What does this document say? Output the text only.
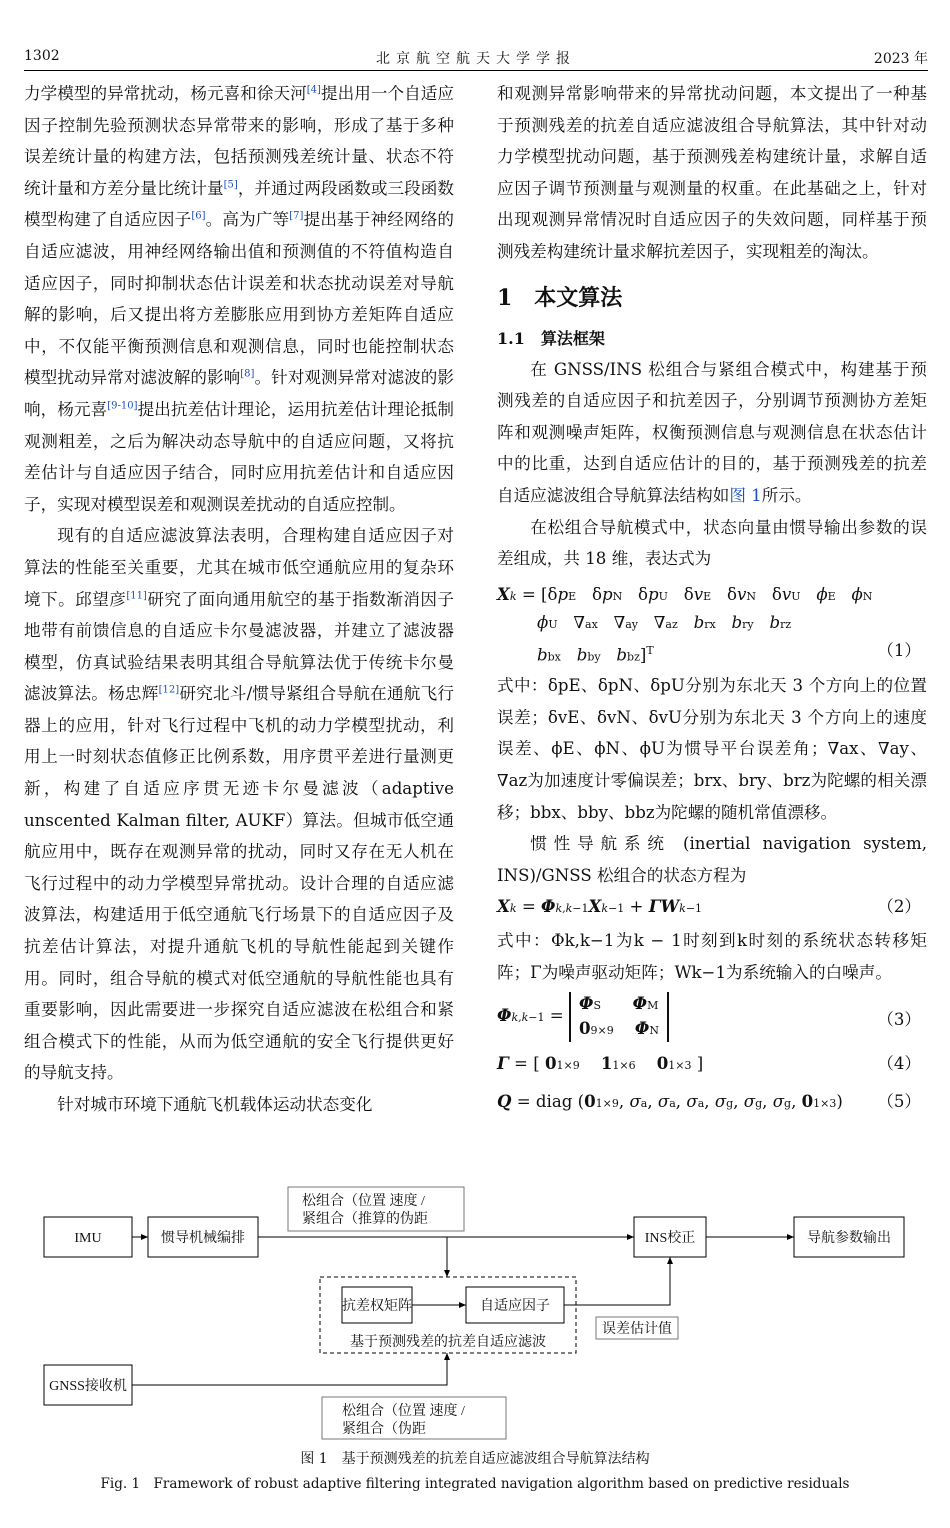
1302	北京航空航天大学学报	2023 年

力学模型的异常扰动，杨元喜和徐天河[4]提出用一个自适应因子控制先验预测状态异常带来的影响，形成了基于多种误差统计量的构建方法，包括预测残差统计量、状态不符统计量和方差分量比统计量[5]，并通过两段函数或三段函数模型构建了自适应因子[6]。高为广等[7]提出基于神经网络的自适应滤波，用神经网络输出值和预测值的不符值构造自适应因子，同时抑制状态估计误差和状态扰动误差对导航解的影响，后又提出将方差膨胀应用到协方差矩阵自适应中，不仅能平衡预测信息和观测信息，同时也能控制状态模型扰动异常对滤波解的影响[8]。针对观测异常对滤波的影响，杨元喜[9-10]提出抗差估计理论，运用抗差估计理论抵制观测粗差，之后为解决动态导航中的自适应问题，又将抗差估计与自适应因子结合，同时应用抗差估计和自适应因子，实现对模型误差和观测误差扰动的自适应控制。

现有的自适应滤波算法表明，合理构建自适应因子对算法的性能至关重要，尤其在城市低空通航应用的复杂环境下。邱望彦[11]研究了面向通用航空的基于指数渐消因子地带有前馈信息的自适应卡尔曼滤波器，并建立了滤波器模型，仿真试验结果表明其组合导航算法优于传统卡尔曼滤波算法。杨忠辉[12]研究北斗/惯导紧组合导航在通航飞行器上的应用，针对飞行过程中飞机的动力学模型扰动，利用上一时刻状态值修正比例系数，用序贯平差进行量测更新，构建了自适应序贯无迹卡尔曼滤波（adaptive unscented Kalman filter, AUKF）算法。但城市低空通航应用中，既存在观测异常的扰动，同时又存在无人机在飞行过程中的动力学模型异常扰动。设计合理的自适应滤波算法，构建适用于低空通航飞行场景下的自适应因子及抗差估计算法，对提升通航飞机的导航性能起到关键作用。同时，组合导航的模式对低空通航的导航性能也具有重要影响，因此需要进一步探究自适应滤波在松组合和紧组合模式下的性能，从而为低空通航的安全飞行提供更好的导航支持。

针对城市环境下通航飞机载体运动状态变化

和观测异常影响带来的异常扰动问题，本文提出了一种基于预测残差的抗差自适应滤波组合导航算法，其中针对动力学模型扰动问题，基于预测残差构建统计量，求解自适应因子调节预测量与观测量的权重。在此基础之上，针对出现观测异常情况时自适应因子的失效问题，同样基于预测残差构建统计量求解抗差因子，实现粗差的淘汰。

1　本文算法
1.1　算法框架

在 GNSS/INS 松组合与紧组合模式中，构建基于预测残差的自适应因子和抗差因子，分别调节预测协方差矩阵和观测噪声矩阵，权衡预测信息与观测信息在状态估计中的比重，达到自适应估计的目的，基于预测残差的抗差自适应滤波组合导航算法结构如图 1所示。

在松组合导航模式中，状态向量由惯导输出参数的误差组成，共 18 维，表达式为

Xk = [δpE   δpN   δpU   δvE   δvN   δvU ϕE ϕN
ϕU   ∇ax   ∇ay   ∇az brx bry brz
bbx bby bbz]$^T$	（1）

式中：δpE、δpN、δpU分别为东北天 3 个方向上的位置误差；δvE、δvN、δvU分别为东北天 3 个方向上的速度误差、ϕE、ϕN、ϕU为惯导平台误差角；∇ax、∇ay、∇az为加速度计零偏误差；brx、bry、brz为陀螺的相关漂移；bbx、bby、bbz为陀螺的随机常值漂移。

惯性导航系统 (inertial navigation system, INS)/GNSS 松组合的状态方程为

Xk = Φk,k−1Xk−1 + ΓWk−1	（2）

式中：Φk,k−1为k − 1时刻到k时刻的系统状态转移矩阵；Γ为噪声驱动矩阵；Wk−1为系统输入的白噪声。

Φk,k−1 =
ΦS ΦM
09×9 ΦN
（3）
Γ = [ 01×9 11×6 01×3 ]	（4）
Q = diag (01×9, σa, σa, σa, σg, σg, σg, 01×3) （5）
IMU	惯导机械编排	INS校正	导航参数输出
抗差权矩阵	自适应因子
误差估计值
GNSS接收机
基于预测残差的抗差自适应滤波
松组合（位置 速度 /
紧组合（推算的伪距
松组合（位置 速度 /
紧组合（伪距
图 1　基于预测残差的抗差自适应滤波组合导航算法结构
Fig. 1　Framework of robust adaptive filtering integrated navigation algorithm based on predictive residuals
